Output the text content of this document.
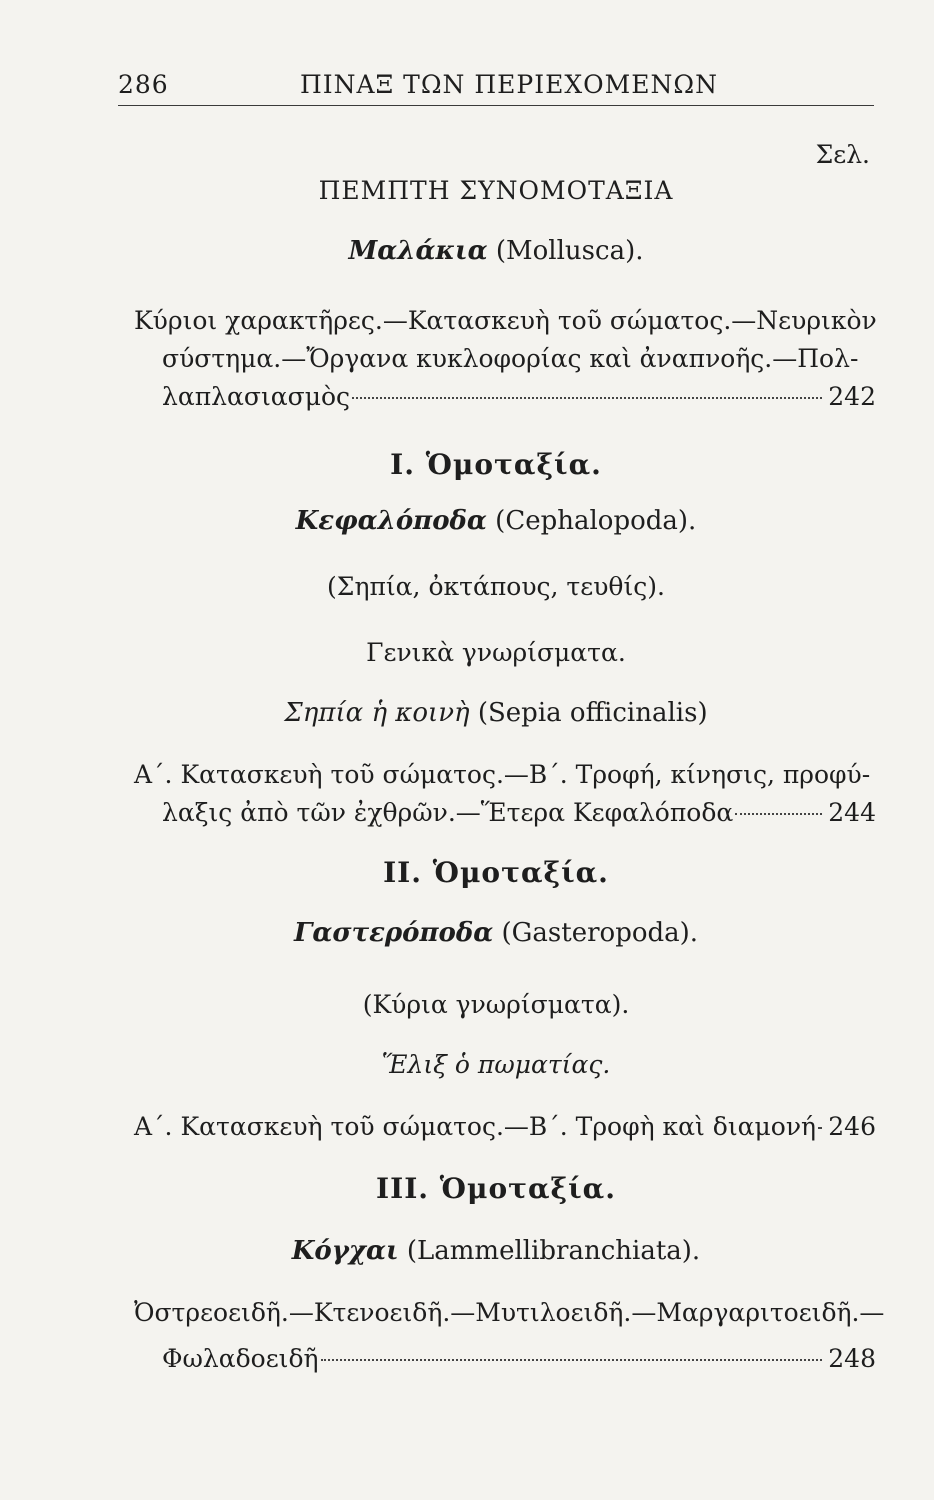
286	ΠΙΝΑΞ ΤΩΝ ΠΕΡΙΕΧΟΜΕΝΩΝ
Σελ.
ΠΕΜΠΤΗ ΣΥΝΟΜΟΤΑΞΙΑ
Μαλάκια (Mollusca).
Κύριοι χαρακτῆρες.—Κατασκευὴ τοῦ σώματος.—Νευρικὸν
σύστημα.—Ὄργανα κυκλοφορίας καὶ ἀναπνοῆς.—Πολ-
λαπλασιασμὸς	242
I. Ὁμοταξία.
Κεφαλόποδα (Cephalopoda).
(Σηπία, ὀκτάπους, τευθίς).
Γενικὰ γνωρίσματα.
Σηπία ἡ κοινὴ (Sepia officinalis)
Α΄. Κατασκευὴ τοῦ σώματος.—Β΄. Τροφή, κίνησις, προφύ-
λαξις ἀπὸ τῶν ἐχθρῶν.—Ἕτερα Κεφαλόποδα	244
II. Ὁμοταξία.
Γαστερόποδα (Gasteropoda).
(Κύρια γνωρίσματα).
Ἕλιξ ὁ πωματίας.
Α΄. Κατασκευὴ τοῦ σώματος.—Β΄. Τροφὴ καὶ διαμονή 246
III. Ὁμοταξία.
Κόγχαι (Lammellibranchiata).
Ὀστρεοειδῆ.—Κτενοειδῆ.—Μυτιλοειδῆ.—Μαργαριτοειδῆ.—
Φωλαδοειδῆ	248
